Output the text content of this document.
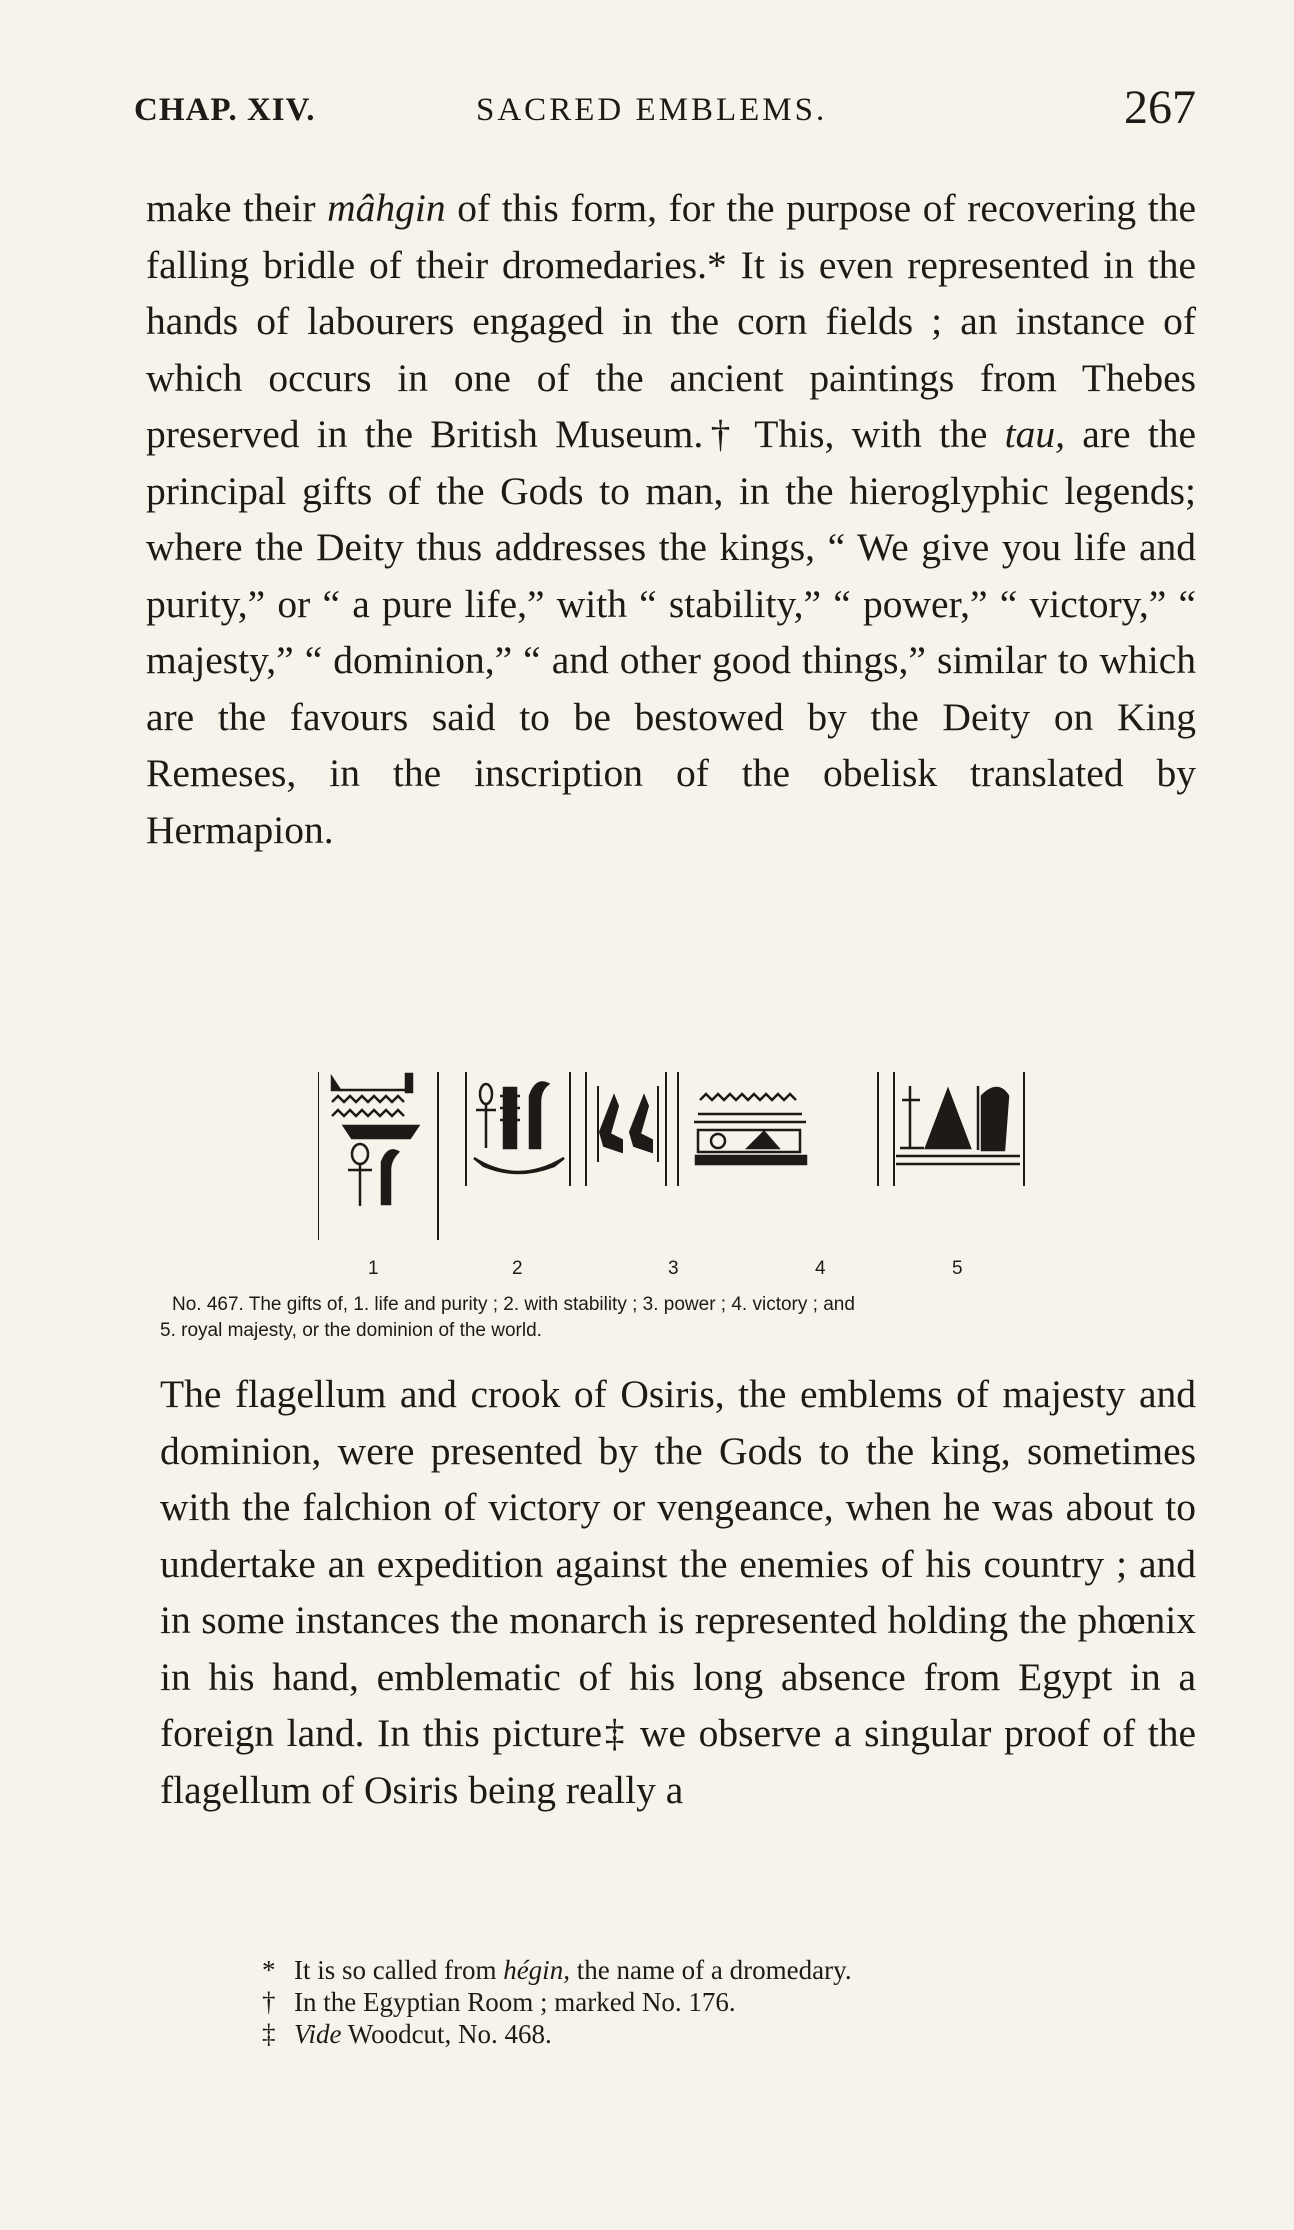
CHAP. XIV.	SACRED EMBLEMS.	267

make their mâhgin of this form, for the purpose of recovering the falling bridle of their dromedaries.* It is even represented in the hands of labourers engaged in the corn fields ; an instance of which occurs in one of the ancient paintings from Thebes preserved in the British Museum.† This, with the tau, are the principal gifts of the Gods to man, in the hieroglyphic legends; where the Deity thus addresses the kings, “ We give you life and purity,” or “ a pure life,” with “ stability,” “ power,” “ victory,” “ majesty,” “ dominion,” “ and other good things,” similar to which are the favours said to be bestowed by the Deity on King Remeses, in the inscription of the obelisk translated by Hermapion.

1	2	3	4	5

No. 467. The gifts of, 1. life and purity ; 2. with stability ; 3. power ; 4. victory ; and
5. royal majesty, or the dominion of the world.

The flagellum and crook of Osiris, the emblems of majesty and dominion, were presented by the Gods to the king, sometimes with the falchion of victory or vengeance, when he was about to undertake an expedition against the enemies of his country ; and in some instances the monarch is represented holding the phœnix in his hand, emblematic of his long absence from Egypt in a foreign land. In this picture‡ we observe a singular proof of the flagellum of Osiris being really a

* It is so called from hégin, the name of a dromedary.

† In the Egyptian Room ; marked No. 176.

‡ Vide Woodcut, No. 468.
